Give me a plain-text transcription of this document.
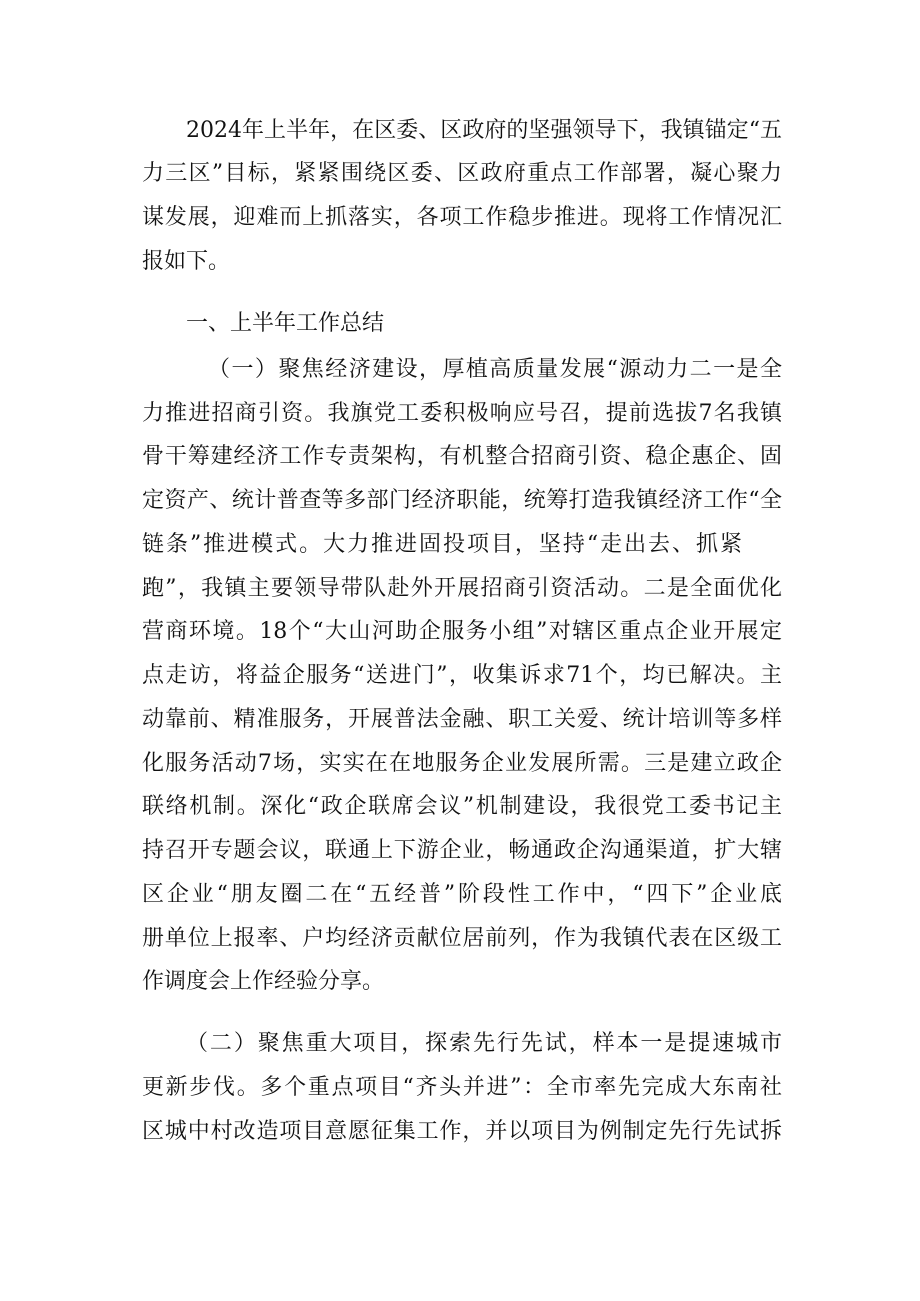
2024年上半年，在区委、区政府的坚强领导下，我镇锚定“五
力三区”目标，紧紧围绕区委、区政府重点工作部署，凝心聚力
谋发展，迎难而上抓落实，各项工作稳步推进。现将工作情况汇
报如下。
一、上半年工作总结
（一）聚焦经济建设，厚植高质量发展“源动力二一是全
力推进招商引资。我旗党工委积极响应号召，提前选拔7名我镇
骨干筹建经济工作专责架构，有机整合招商引资、稳企惠企、固
定资产、统计普查等多部门经济职能，统筹打造我镇经济工作“全
链条”推进模式。大力推进固投项目，坚持“走出去、抓紧
跑”，我镇主要领导带队赴外开展招商引资活动。二是全面优化
营商环境。18个“大山河助企服务小组”对辖区重点企业开展定
点走访，将益企服务“送进门”，收集诉求71个，均已解决。主
动靠前、精准服务，开展普法金融、职工关爱、统计培训等多样
化服务活动7场，实实在在地服务企业发展所需。三是建立政企
联络机制。深化“政企联席会议”机制建设，我很党工委书记主
持召开专题会议，联通上下游企业，畅通政企沟通渠道，扩大辖
区企业“朋友圈二在“五经普”阶段性工作中，“四下”企业底
册单位上报率、户均经济贡献位居前列，作为我镇代表在区级工
作调度会上作经验分享。
（二）聚焦重大项目，探索先行先试，样本一是提速城市
更新步伐。多个重点项目“齐头并进”：全市率先完成大东南社
区城中村改造项目意愿征集工作，并以项目为例制定先行先试拆
